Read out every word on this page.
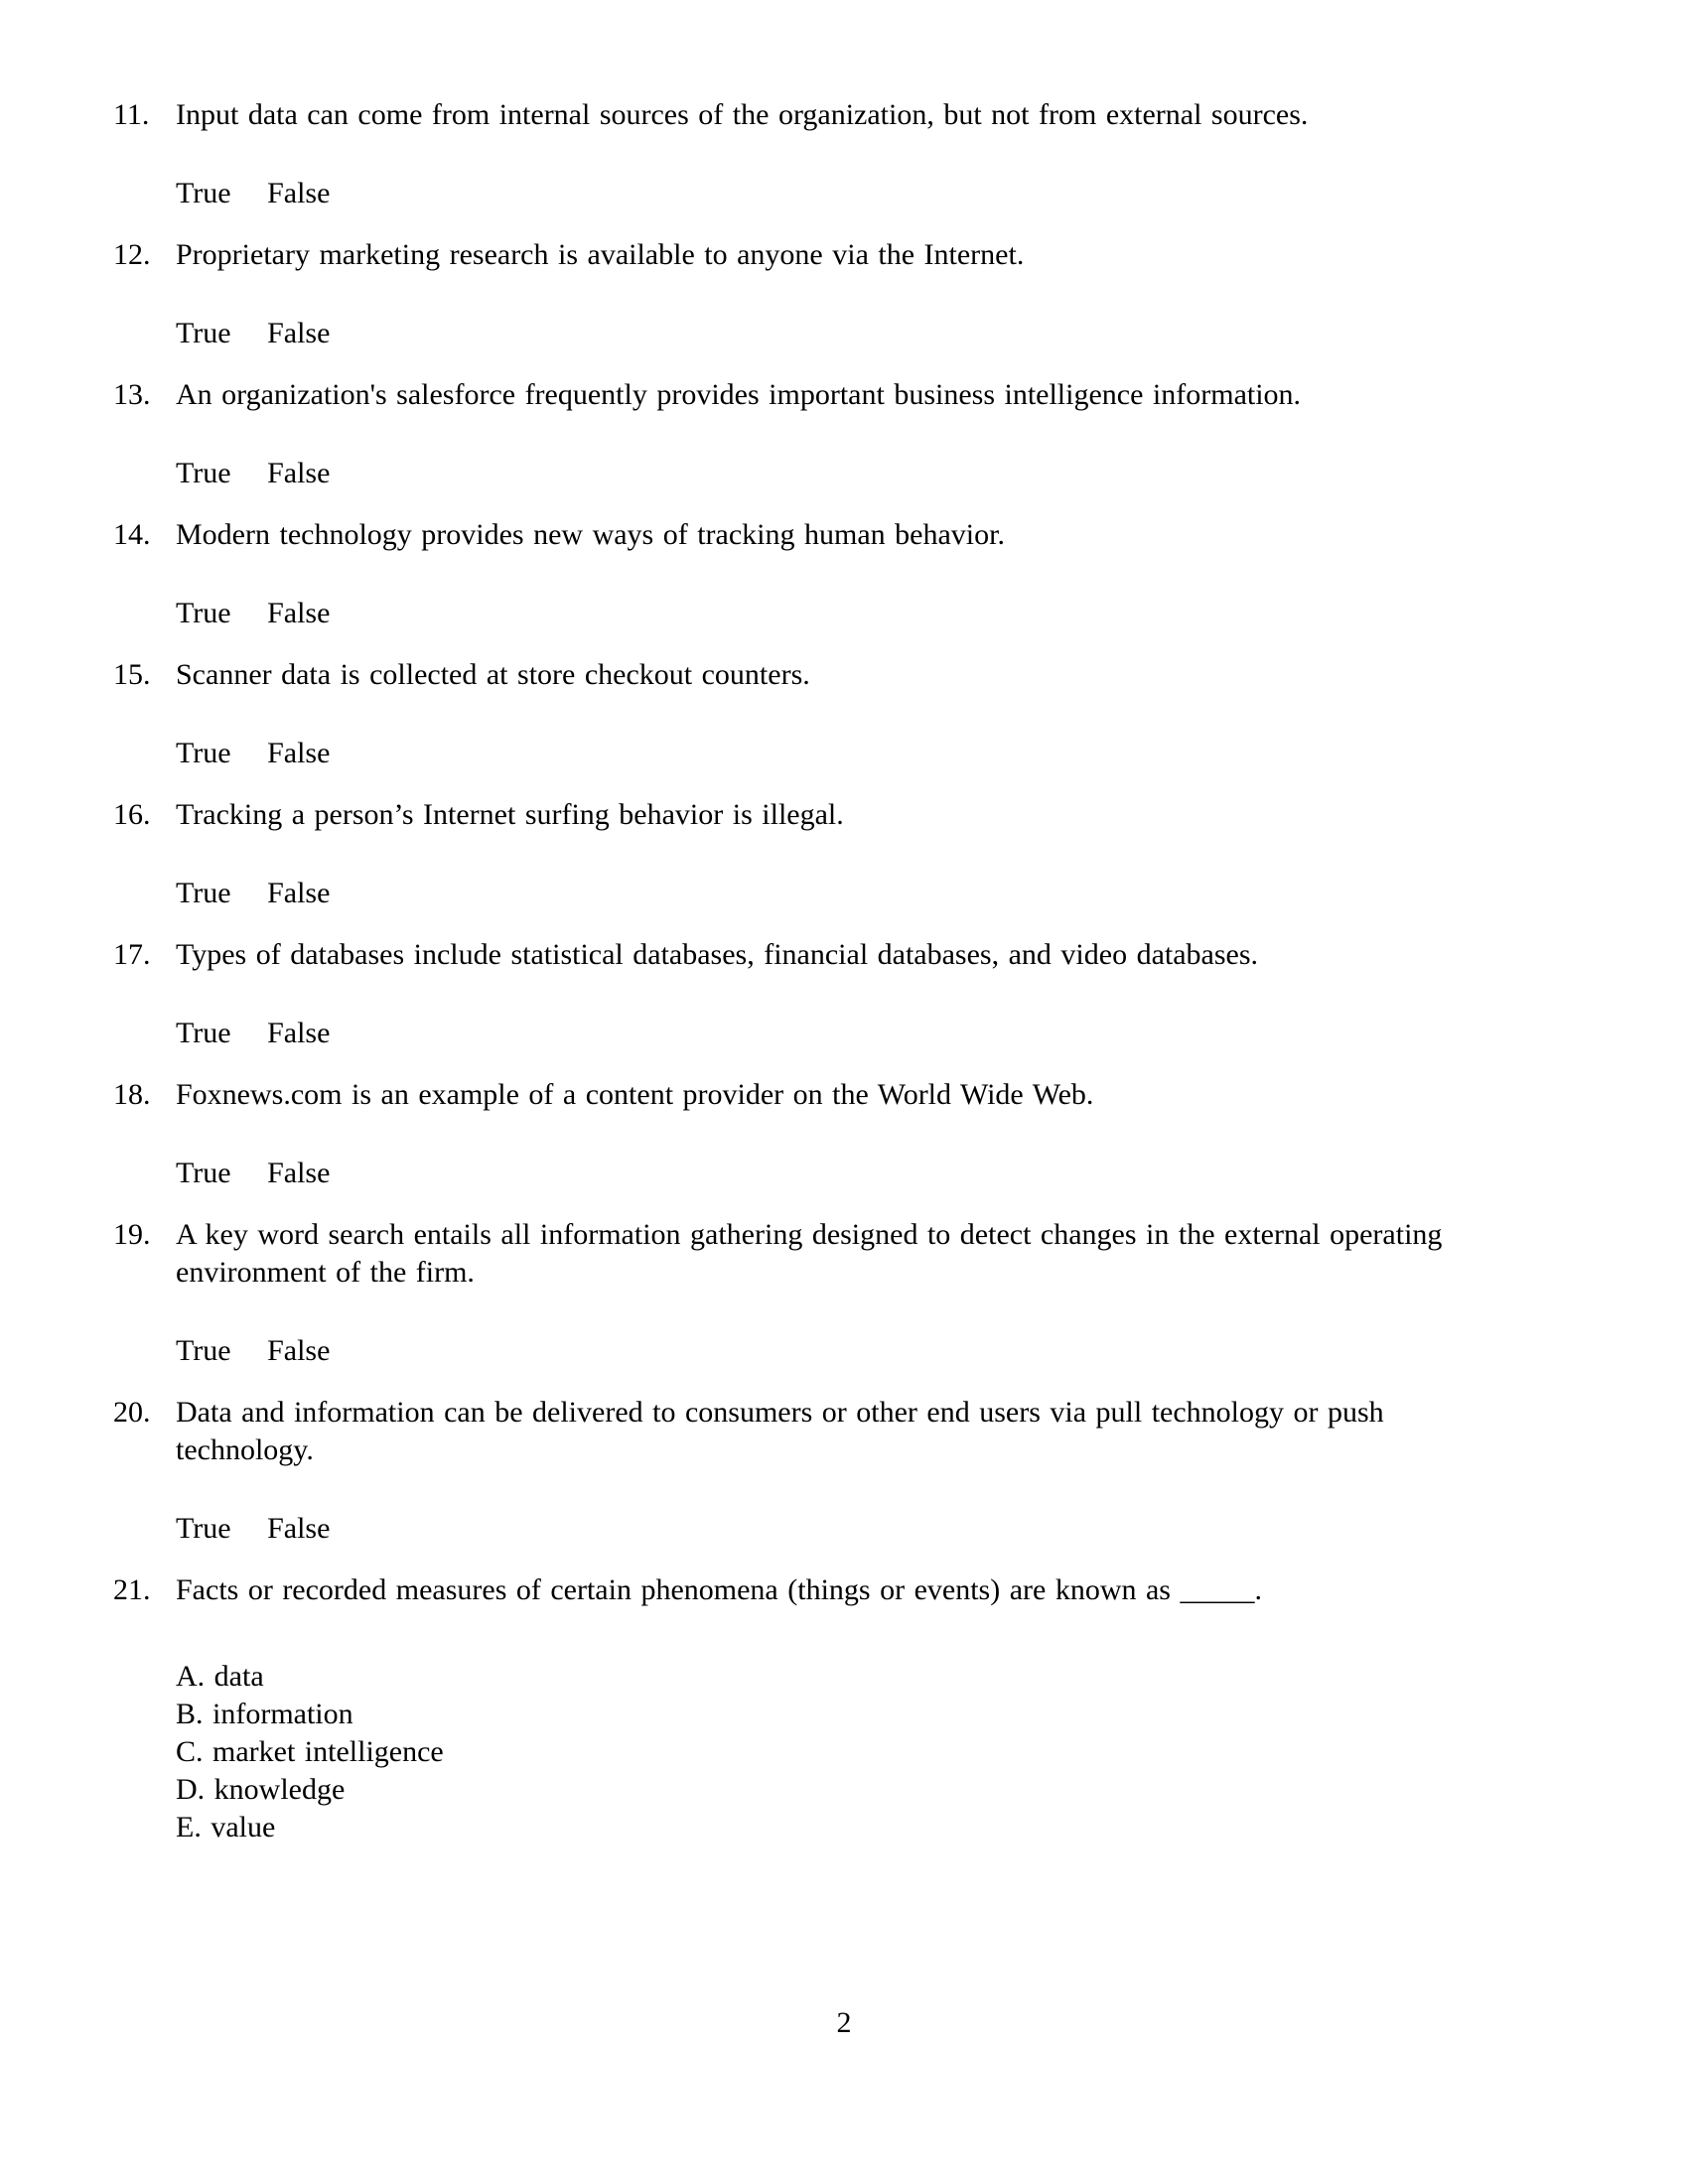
11. Input data can come from internal sources of the organization, but not from external sources.
True False
12. Proprietary marketing research is available to anyone via the Internet.
True False
13. An organization's salesforce frequently provides important business intelligence information.
True False
14. Modern technology provides new ways of tracking human behavior.
True False
15. Scanner data is collected at store checkout counters.
True False
16. Tracking a person’s Internet surfing behavior is illegal.
True False
17. Types of databases include statistical databases, financial databases, and video databases.
True False
18. Foxnews.com is an example of a content provider on the World Wide Web.
True False
19. A key word search entails all information gathering designed to detect changes in the external operating
environment of the firm.
True False
20. Data and information can be delivered to consumers or other end users via pull technology or push
technology.
True False
21. Facts or recorded measures of certain phenomena (things or events) are known as _____.
A. data
B. information
C. market intelligence
D. knowledge
E. value
2
